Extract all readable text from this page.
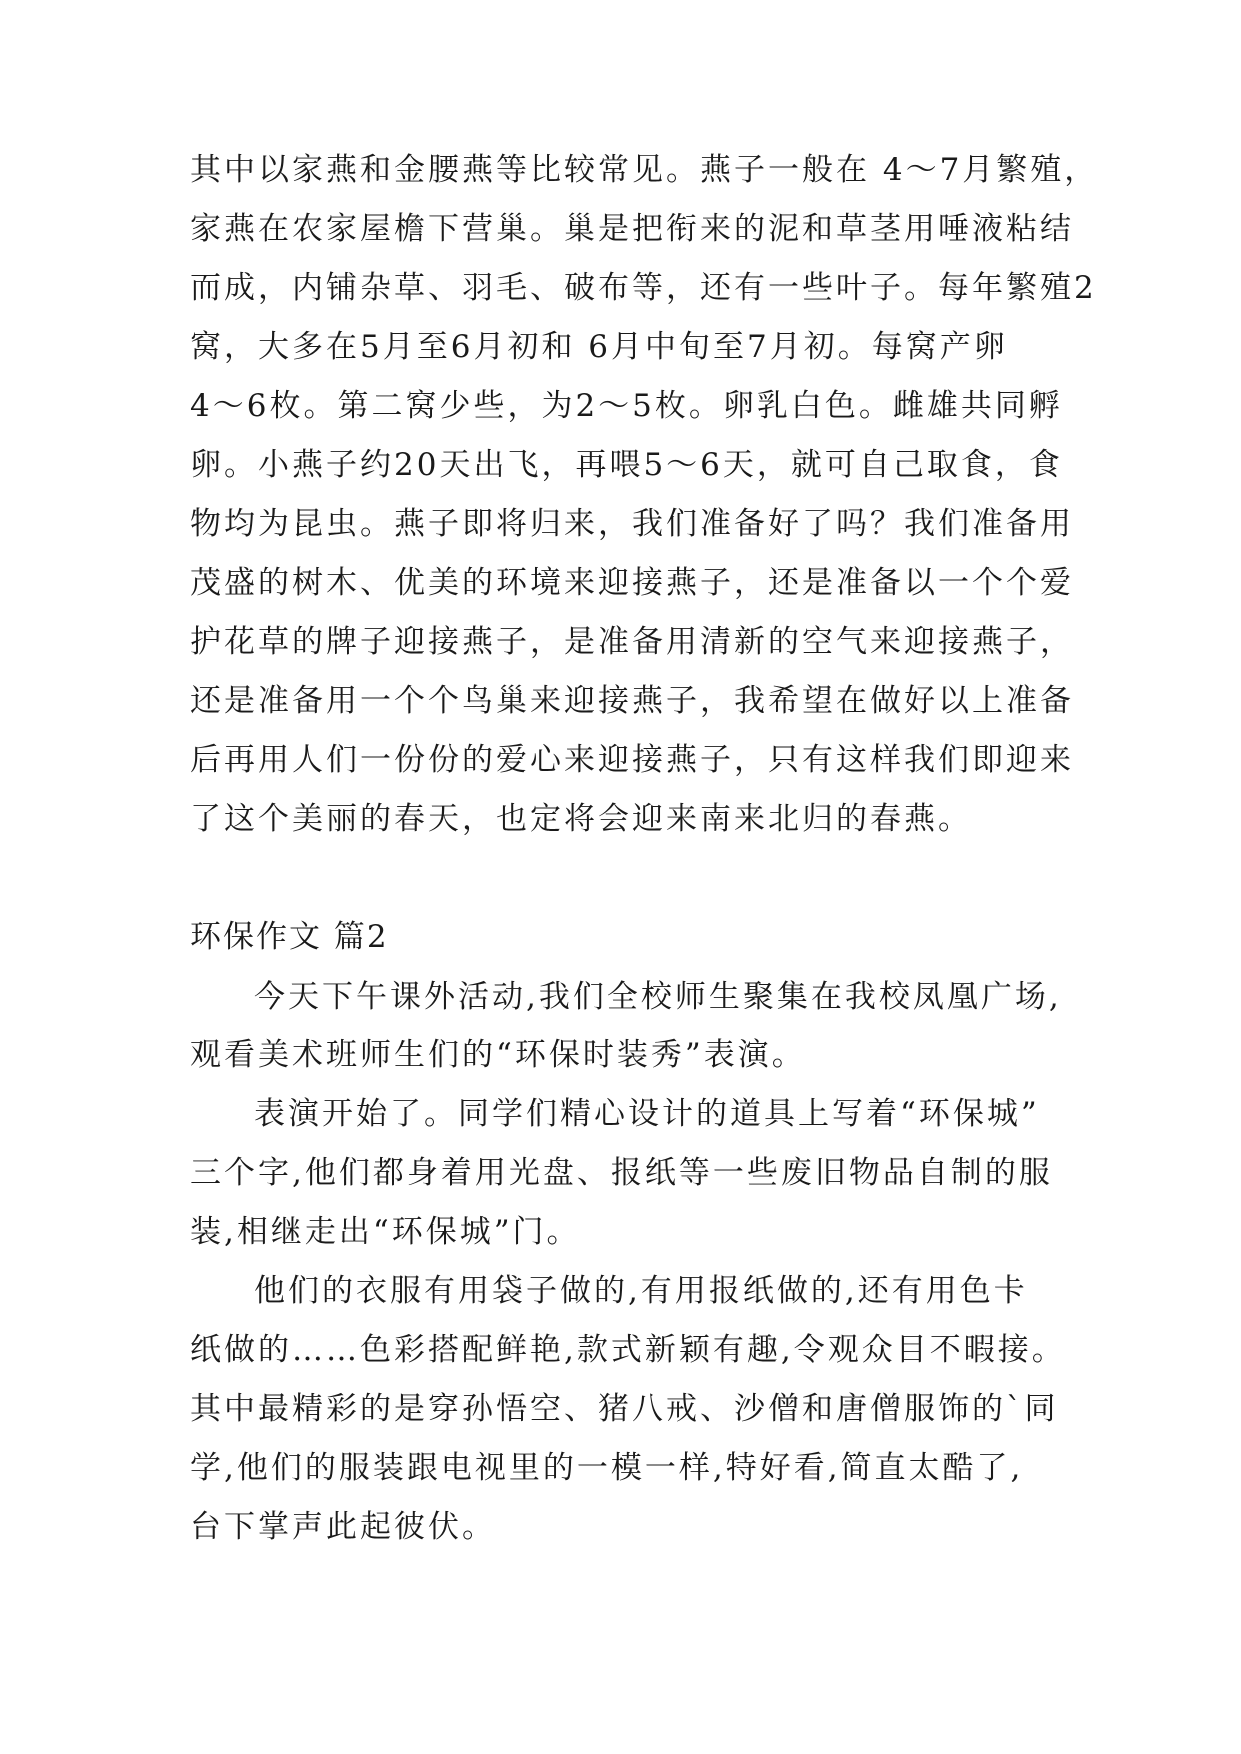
其中以家燕和金腰燕等比较常见。燕子一般在 4～7月繁殖，
家燕在农家屋檐下营巢。巢是把衔来的泥和草茎用唾液粘结
而成，内铺杂草、羽毛、破布等，还有一些叶子。每年繁殖2
窝，大多在5月至6月初和 6月中旬至7月初。每窝产卵
4～6枚。第二窝少些，为2～5枚。卵乳白色。雌雄共同孵
卵。小燕子约20天出飞，再喂5～6天，就可自己取食，食
物均为昆虫。燕子即将归来，我们准备好了吗？我们准备用
茂盛的树木、优美的环境来迎接燕子，还是准备以一个个爱
护花草的牌子迎接燕子，是准备用清新的空气来迎接燕子，
还是准备用一个个鸟巢来迎接燕子，我希望在做好以上准备
后再用人们一份份的爱心来迎接燕子，只有这样我们即迎来
了这个美丽的春天，也定将会迎来南来北归的春燕。
环保作文 篇2
今天下午课外活动,我们全校师生聚集在我校凤凰广场,
观看美术班师生们的“环保时装秀”表演。
表演开始了。同学们精心设计的道具上写着“环保城”
三个字,他们都身着用光盘、报纸等一些废旧物品自制的服
装,相继走出“环保城”门。
他们的衣服有用袋子做的,有用报纸做的,还有用色卡
纸做的……色彩搭配鲜艳,款式新颖有趣,令观众目不暇接。
其中最精彩的是穿孙悟空、猪八戒、沙僧和唐僧服饰的`同
学,他们的服装跟电视里的一模一样,特好看,简直太酷了,
台下掌声此起彼伏。
